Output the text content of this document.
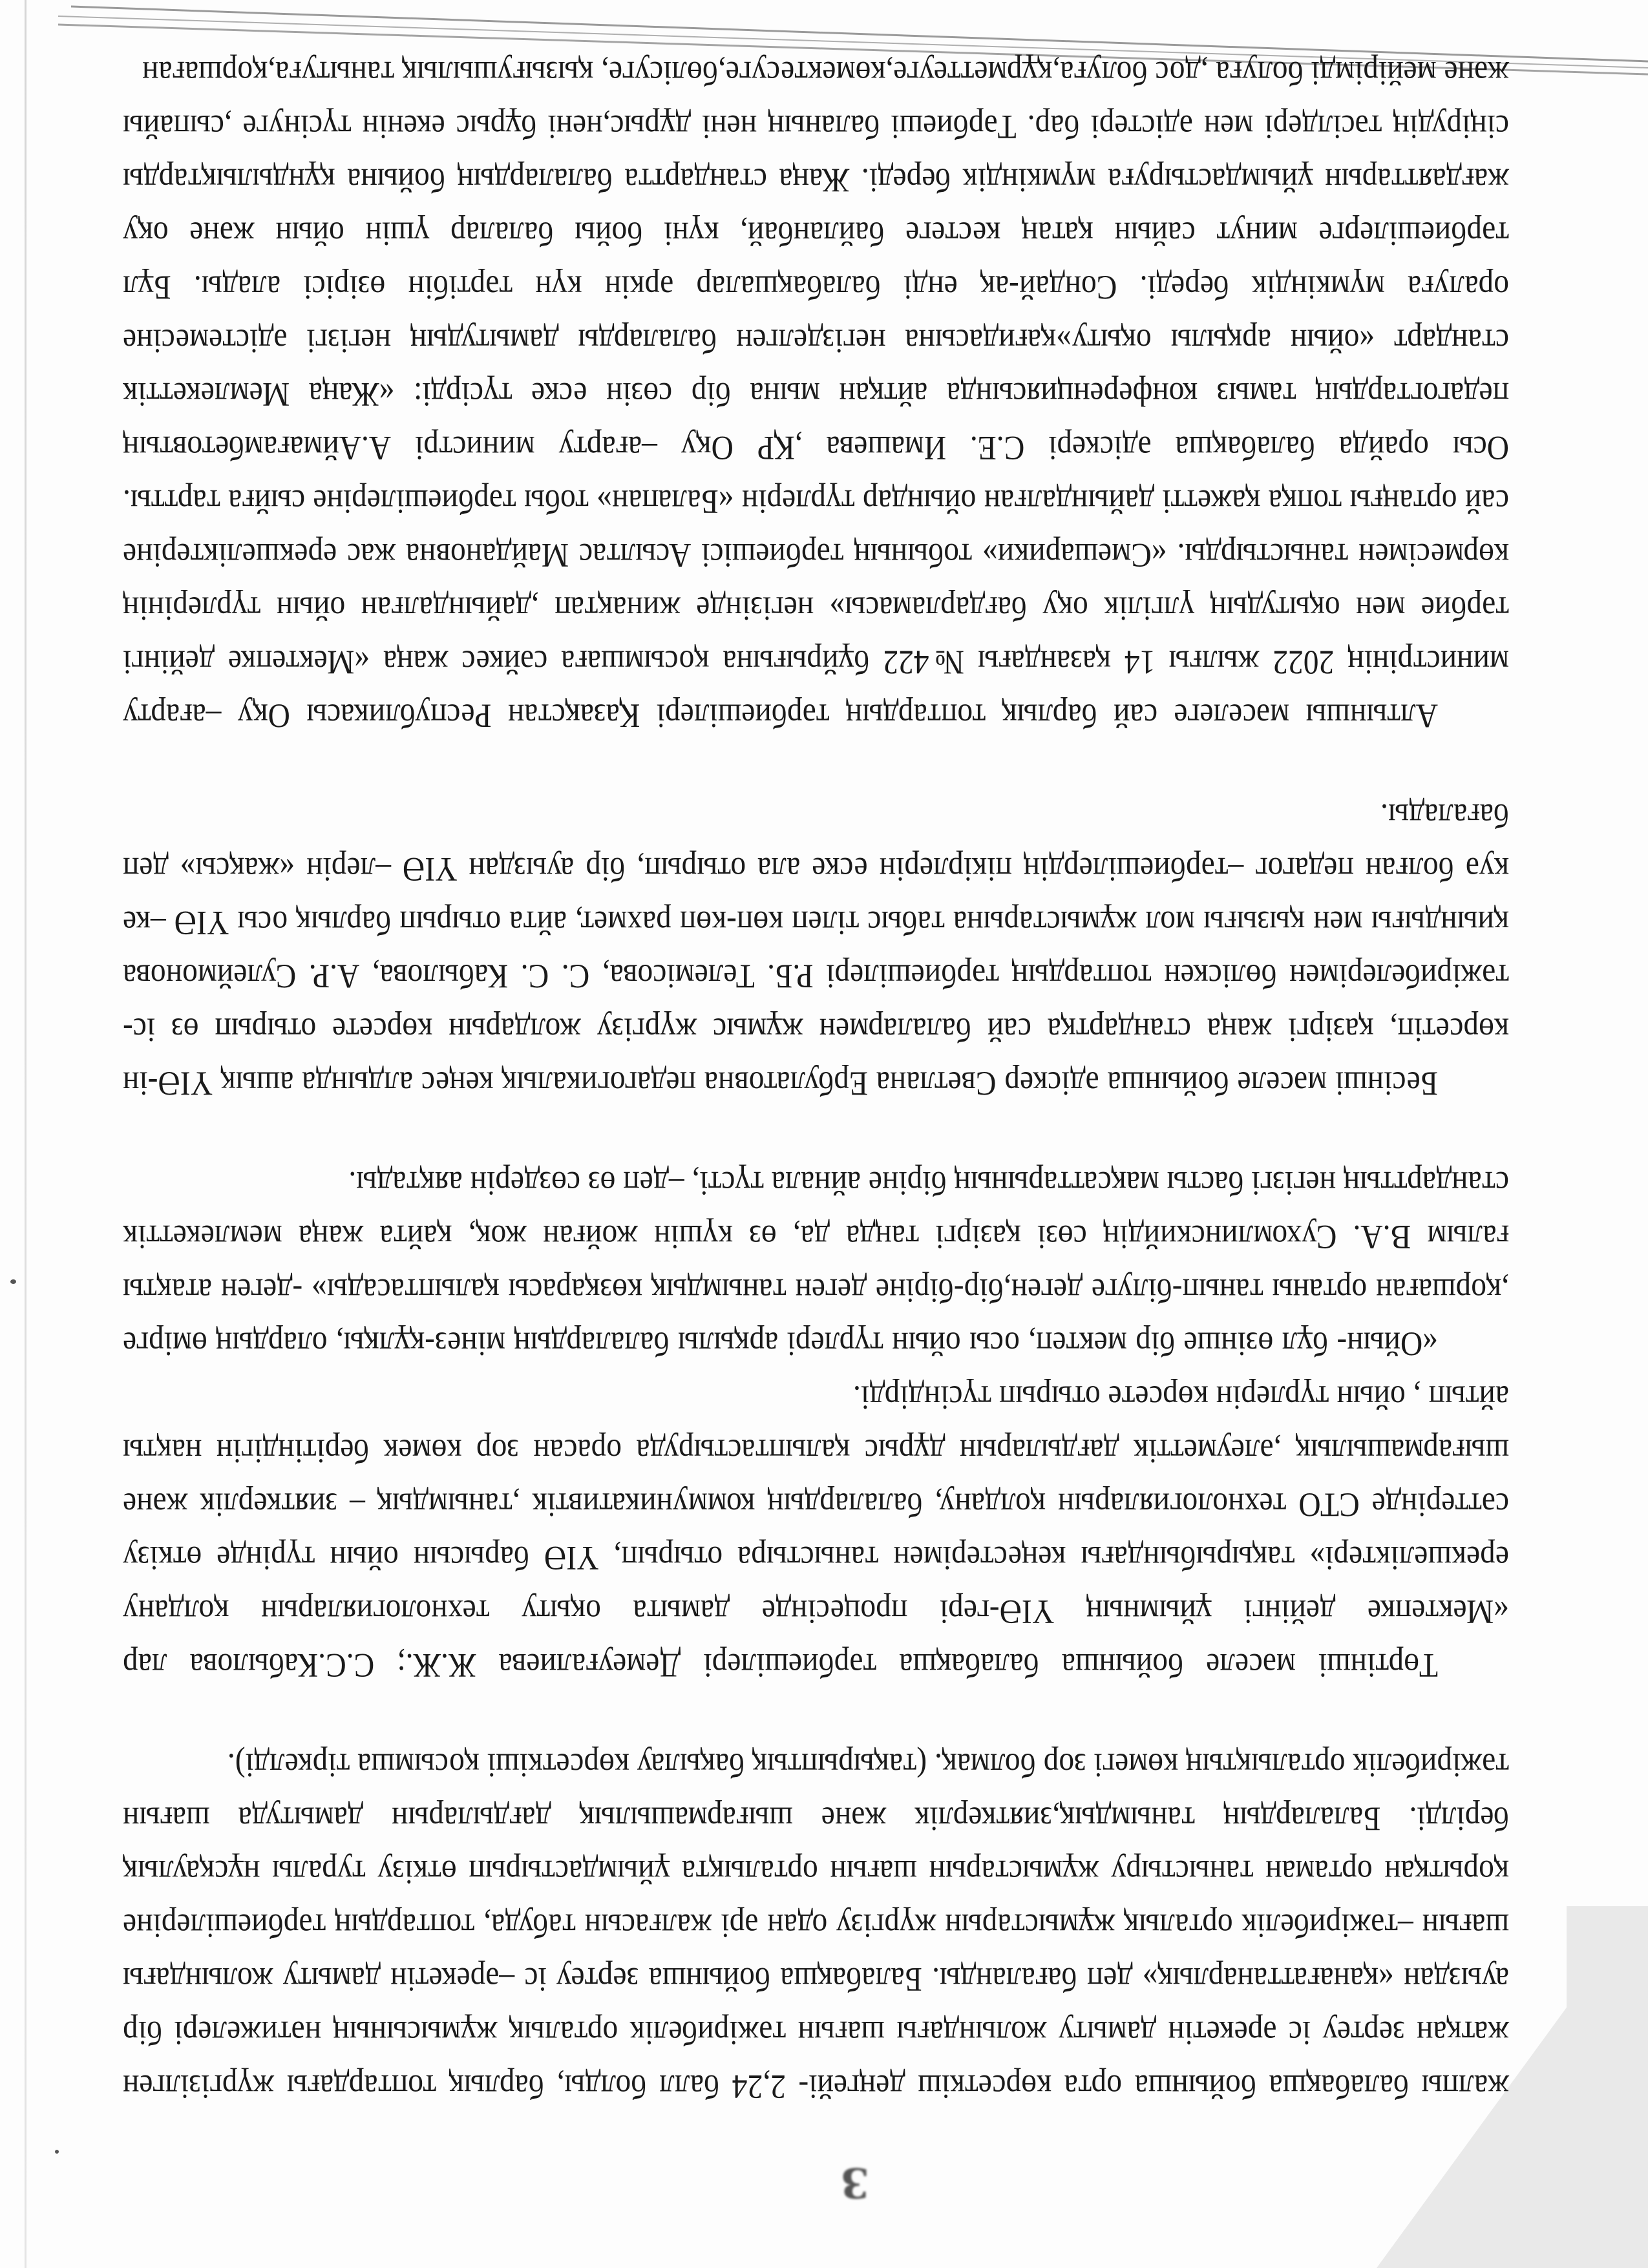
жалпы балабақша бойынша орта көрсеткіш деңгейі- 2,24 балл болды, барлық топтардағы жүргізілген жатқан зертеу іс әрекетін дамыту жолындағы шағын тәжірибелік орталық жұмысының нәтижелері бір ауыздан «қанағаттанарлық» деп бағаланды. Балабақша бойынша зертеу іс –әрекетін дамыту жолындағы шағын –тәжірибелік орталық жұмыстарын жүргізу одан әрі жалғасын табуда, топтардың тәрбиешілеріне қорытқан ортаман таныстыру жұмыстарын шағын орталықта ұйымдастырып өткізу туралы нұсқаулық берілді. Балалардың танымдық,зияткерлік және шығармашылық дағдыларын дамытуда шағын тәжірибелік орталықтың көмегі зор болмақ. (тақырыптық бақылау көрсеткіші қосымша тіркелді).

Төртінші мәселе бойынша балабақша тәрбиешілері Демеуғалиева Ж.Ж.; С.С.Кабылова лар «Мектепке дейінгі ұйымның ҮІӘ-гері процесінде дамыта оқыту технологияларын қолдану ерекшеліктері» тақырыбындағы кеңестерімен таныстыра отырып, ҮІӘ барысын ойын түрінде өткізу сәттерінде СТО технологияларын қолдану, балалардың коммуникативтік ,танымдық – зияткерлік және шығармашылық ,әлеуметтік дағдыларын дұрыс қалыптастыруда орасан зор көмек берітіндігін нақты айтып , ойын түрлерін көрсете отырып түсіндірді.

«Ойын- бұл өзінше бір мектеп, осы ойын түрлері арқылы балалардың мінез-құлқы, олардың өмірге ,қоршаған ортаны танып-білуге деген,бір-біріне деген танымдық көзқарасы қалыптасады» -деген атақты ғалым В.А. Сухомлинскийдің сөзі қазіргі таңда да, өз күшін жойған жоқ, қайта жаңа мемлекеттік стандарттың негізгі басты мақсаттарының біріне айнала түсті, –деп өз сөздерін аяқтады.

Бесінші мәселе бойынша әдіскер Светлана Ербулатовна педагогикалық кеңес алдында ашық ҮІӘ-ін көрсетіп, қазіргі жаңа стандартқа сай балалармен жұмыс жүргізу жолдарын көрсете отырып өз іс-тәжірибелерімен бөліскен топтардың тәрбиешілері Р.Б. Телемісова, С. С. Кабылова, А.Р. Сулеймонова қиындығы мен қызығы мол жұмыстарына табыс тілеп көп-көп рахмет, айта отырып барлық осы ҮІӘ –ке куә болған педагог –тәрбиешілердің пікірлерін еске ала отырып, бір ауыздан ҮІӘ –лерін «жақсы» деп бағалады.

Алтыншы мәселеге сай барлық топтардың тәрбиешілері Қазақстан Республикасы Оқу –ағарту министрінің 2022 жылғы 14 қазандағы №422 бұйрығына қосымшаға сәйкес жаңа «Мектепке дейінгі тәрбие мен оқытудың үлгілік оқу бағдарламасы» негізінде жинақтап ,дайындалған ойын түрлерінің көрмесімен таныстырды. «Смешарики» тобының тәрбиешісі Асылтас Майдановна жас ерекшеліктеріне сай ортаңғы топқа қажетті дайындалған ойындар түрлерін «Балапан» тобы тәрбиешілеріне сыйға тартты. Осы орайда балабақша әдіскері С.Е. Имашева ,ҚР Оқу –ағарту министрі А.Аймағамбетовтың педагогтардың тамыз конференциясында айтқан мына бір сөзін еске түсірді: «Жаңа Мемлекеттік стандарт «ойын арқылы оқыту»қағидасына негізделген балаларды дамытудың негізгі әдістемесіне оралуға мүмкіндік береді. Сондай-ақ енді балабақшалар әркін күн тәртібін өзірісі алады. Бұл тәрбиешілерге минут сайын қатаң кестеге байланбай, күні бойы балалар үшін ойын және оқу жағдаяттарын ұйымдастыруға мүмкіндік береді. Жаңа стандартта балалардың бойына құндылықтарды сіңірудің тәсілдері мен әдістері бар. Тәрбиеші баланың нені дұрыс,нені бұрыс екенін түсінуге ,сыпайы және мейірімді болуға ,дос болуға,құрметтеуге,көмектесуге,бөлісуге, қызығушылық танытуға,қоршаған

3
